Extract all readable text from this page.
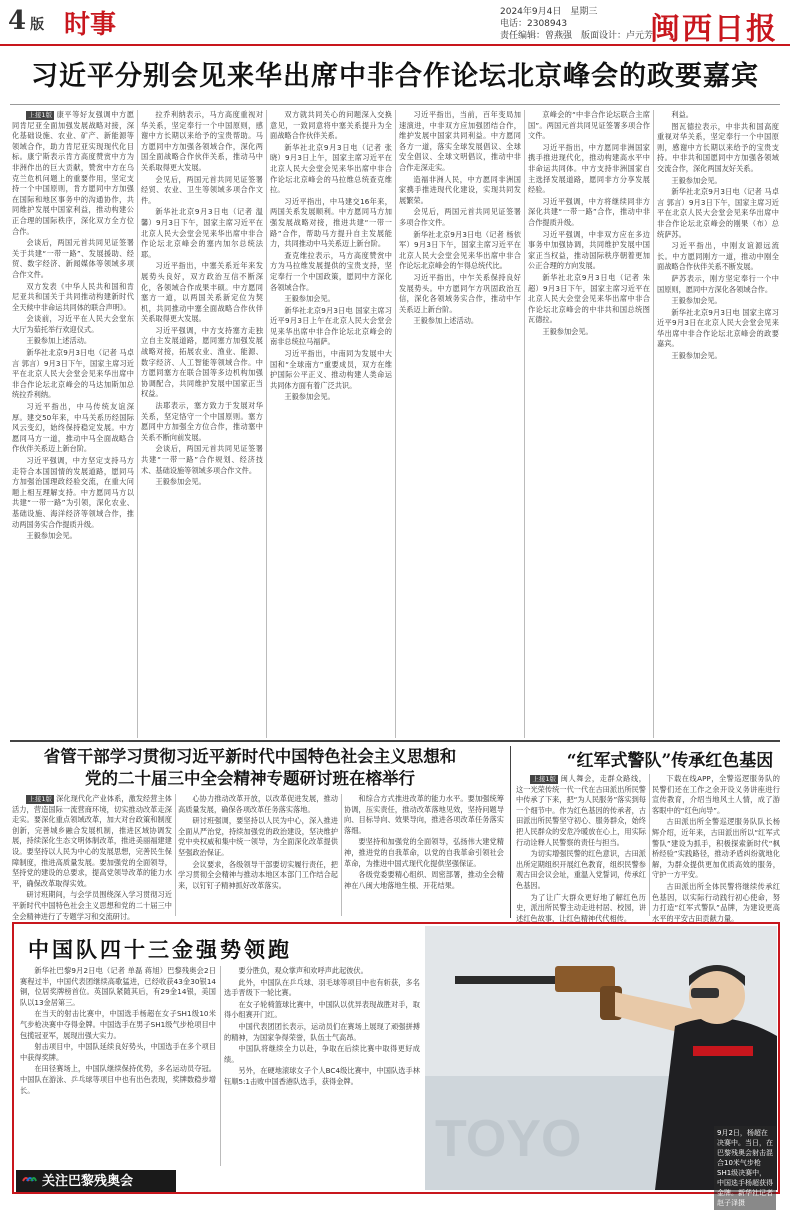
4 版 时事	2024年9月4日　星期三
电话：2308943
责任编辑：曾燕强　版面设计：卢元芳
闽西日报
习近平分别会见来华出席中非合作论坛北京峰会的政要嘉宾

上接1版 康平等好友强调中方愿同肯尼亚全面加强发展战略对接，深化基础设施、农业、矿产、新能源等领域合作，助力肯尼亚实现现代化目标。康宁斯表示肯方高度赞赏中方为非洲作出的巨大贡献，赞赏中方在乌克兰危机问题上的重要作用，坚定支持一个中国原则，肯方愿同中方加强在国际和地区事务中的沟通协作，共同维护发展中国家利益，推动构建公正合理的国际秩序，深化双方全方位合作。

会谈后，两国元首共同见证签署关于共建“一带一路”、发展援助、经贸、数字经济、新闻媒体等领域多项合作文件。

双方发表《中华人民共和国和肯尼亚共和国关于共同推动构建新时代全天候中非命运共同体的联合声明》。

会谈前，习近平在人民大会堂东大厅为茹托举行欢迎仪式。

王毅参加上述活动。

新华社北京9月3日电（记者 马卓言 郭言）9月3日下午，国家主席习近平在北京人民大会堂会见来华出席中非合作论坛北京峰会的马达加斯加总统拉乔利纳。

习近平指出，中马传统友谊深厚。建交50年来，中马关系历经国际风云变幻，始终保持稳定发展。中方愿同马方一道，推动中马全面战略合作伙伴关系迈上新台阶。

习近平强调，中方坚定支持马方走符合本国国情的发展道路，愿同马方加强治国理政经验交流，在重大问题上相互理解支持。中方愿同马方以共建“一带一路”为引领，深化农业、基础设施、海洋经济等领域合作，推动两国务实合作提质升级。

王毅参加会见。

拉乔利纳表示，马方高度重视对华关系，坚定奉行一个中国原则，感谢中方长期以来给予的宝贵帮助。马方愿同中方加强各领域合作，深化两国全面战略合作伙伴关系，推动马中关系取得更大发展。

会见后，两国元首共同见证签署经贸、农业、卫生等领域多项合作文件。

新华社北京9月3日电（记者 温馨）9月3日下午，国家主席习近平在北京人民大会堂会见来华出席中非合作论坛北京峰会的塞内加尔总统法耶。

习近平指出，中塞关系近年来发展势头良好，双方政治互信不断深化，各领域合作成果丰硕。中方愿同塞方一道，以两国关系新定位为契机，共同推动中塞全面战略合作伙伴关系取得更大发展。

习近平强调，中方支持塞方走独立自主发展道路，愿同塞方加强发展战略对接，拓展农业、渔业、能源、数字经济、人工智能等领域合作。中方愿同塞方在联合国等多边机构加强协调配合，共同维护发展中国家正当权益。

法耶表示，塞方致力于发展对华关系，坚定恪守一个中国原则。塞方愿同中方加强全方位合作，推动塞中关系不断向前发展。

会谈后，两国元首共同见证签署共建“一带一路”合作规划、经济技术、基础设施等领域多项合作文件。

王毅参加会见。

双方就共同关心的问题深入交换意见，一致同意将中塞关系提升为全面战略合作伙伴关系。

新华社北京9月3日电（记者 张晓）9月3日上午，国家主席习近平在北京人民大会堂会见来华出席中非合作论坛北京峰会的马拉维总统查克维拉。

习近平指出，中马建交16年来，两国关系发展顺利。中方愿同马方加强发展战略对接，推进共建“一带一路”合作，帮助马方提升自主发展能力，共同推动中马关系迈上新台阶。

查克维拉表示，马方高度赞赏中方为马拉维发展提供的宝贵支持，坚定奉行一个中国政策，愿同中方深化各领域合作。

王毅参加会见。

新华社北京9月3日电 国家主席习近平9月3日上午在北京人民大会堂会见来华出席中非合作论坛北京峰会的南非总统拉马福萨。

习近平指出，中南同为发展中大国和“全球南方”重要成员，双方在维护国际公平正义、推动构建人类命运共同体方面有着广泛共识。

王毅参加会见。

习近平指出，当前，百年变局加速演进，中非双方应加强团结合作，维护发展中国家共同利益。中方愿同各方一道，落实全球发展倡议、全球安全倡议、全球文明倡议，推动中非合作走深走实。

造福非洲人民，中方愿同非洲国家携手推进现代化建设，实现共同发展繁荣。

会见后，两国元首共同见证签署多项合作文件。

新华社北京9月3日电（记者 杨依军）9月3日下午，国家主席习近平在北京人民大会堂会见来华出席中非合作论坛北京峰会的乍得总统代比。

习近平指出，中乍关系保持良好发展势头。中方愿同乍方巩固政治互信，深化各领域务实合作，推动中乍关系迈上新台阶。

王毅参加上述活动。

京峰会的“中非合作论坛联合主席国”。两国元首共同见证签署多项合作文件。

习近平指出，中方愿同非洲国家携手推进现代化，推动构建高水平中非命运共同体。中方支持非洲国家自主选择发展道路，愿同非方分享发展经验。

习近平强调，中方将继续同非方深化共建“一带一路”合作，推动中非合作提质升级。

习近平强调，中非双方应在多边事务中加强协调，共同维护发展中国家正当权益，推动国际秩序朝着更加公正合理的方向发展。

新华社北京9月3日电（记者 朱超）9月3日下午，国家主席习近平在北京人民大会堂会见来华出席中非合作论坛北京峰会的中非共和国总统图瓦德拉。

王毅参加会见。

利益。

图瓦德拉表示，中非共和国高度重视对华关系，坚定奉行一个中国原则，感谢中方长期以来给予的宝贵支持。中非共和国愿同中方加强各领域交流合作，深化两国友好关系。

王毅参加会见。

新华社北京9月3日电（记者 马卓言 郭言）9月3日下午，国家主席习近平在北京人民大会堂会见来华出席中非合作论坛北京峰会的刚果（布）总统萨苏。

习近平指出，中刚友谊源远流长。中方愿同刚方一道，推动中刚全面战略合作伙伴关系不断发展。

萨苏表示，刚方坚定奉行一个中国原则，愿同中方深化各领域合作。

王毅参加会见。

新华社北京9月3日电 国家主席习近平9月3日在北京人民大会堂会见来华出席中非合作论坛北京峰会的政要嘉宾。

王毅参加会见。

省管干部学习贯彻习近平新时代中国特色社会主义思想和
党的二十届三中全会精神专题研讨班在榕举行

上接1版 深化现代化产业体系，激发经营主体活力，营造国际一流营商环境，切实推动改革走深走实。要深化重点领域改革，加大对台政策和制度创新，完善城乡融合发展机制，推进区域协调发展，持续深化生态文明体制改革，推进美丽福建建设。要坚持以人民为中心的发展思想，完善民生保障制度，推进高质量发展。要加强党的全面领导，坚持党的建设的总要求，提高党领导改革的能力水平，确保改革取得实效。

研讨班期间，与会学员围绕深入学习贯彻习近平新时代中国特色社会主义思想和党的二十届三中全会精神进行了专题学习和交流研讨。

心协力推动改革开放，以改革促进发展，推动高质量发展，确保各项改革任务落实落地。

研讨班强调，要坚持以人民为中心，深入推进全面从严治党，持续加强党的政治建设，坚决维护党中央权威和集中统一领导，为全面深化改革提供坚强政治保证。

会议要求，各级领导干部要切实履行责任，把学习贯彻全会精神与推动本地区本部门工作结合起来，以钉钉子精神抓好改革落实。

和综合方式推进改革的能力水平。要加强统筹协调，压实责任，推动改革落地见效，坚持问题导向、目标导向、效果导向，推进各项改革任务落实落细。

要坚持和加强党的全面领导，弘扬伟大建党精神，推进党的自我革命，以党的自我革命引领社会革命，为推进中国式现代化提供坚强保证。

各级党委要精心组织、周密部署，推动全会精神在八闽大地落地生根、开花结果。

“红军式警队”传承红色基因

上接1版 闽人舞会，走群众路线，这一光荣传统一代一代在古田派出所民警中传承了下来，把“为人民服务”落实到每一个细节中。作为红色基因的传承者，古田派出所民警坚守初心、服务群众，始终把人民群众的安危冷暖放在心上，用实际行动诠释人民警察的责任与担当。

为切实增强民警的红色意识，古田派出所定期组织开展红色教育，组织民警参观古田会议会址，重温入党誓词，传承红色基因。

为了让广大群众更好地了解红色历史，派出所民警主动走进村居、校园，讲述红色故事，让红色精神代代相传。

下载在线APP，全警巡逻服务队的民警们还在工作之余开设义务讲座进行宣传教育，介绍当地风土人情，成了游客眼中的“红色向导”。

古田派出所全警巡逻服务队队长杨辉介绍，近年来，古田派出所以“红军式警队”建设为抓手，积极探索新时代“枫桥经验”实践路径，推动矛盾纠纷就地化解，为群众提供更加优质高效的服务，守护一方平安。

古田派出所全体民警将继续传承红色基因，以实际行动践行初心使命，努力打造“红军式警队”品牌，为建设更高水平的平安古田贡献力量。

中国队四十三金强势领跑

新华社巴黎9月2日电（记者 单磊 蒋旭）巴黎残奥会2日赛程过半，中国代表团继续高歌猛进，已经收获43金30银14铜，位居奖牌榜首位。英国队紧随其后，有29金14银，美国队以13金居第三。

在当天的射击比赛中，中国选手杨超在女子SH1级10米气步枪决赛中夺得金牌。中国选手在男子SH1级气步枪项目中包揽冠亚军，展现出强大实力。

射击项目中，中国队延续良好势头，中国选手在多个项目中获得奖牌。

在田径赛场上，中国队继续保持优势，多名运动员夺冠。中国队在游泳、乒乓球等项目中也有出色表现，奖牌数稳步增长。

要分胜负，观众掌声和欢呼声此起彼伏。

此外，中国队在乒乓球、羽毛球等项目中也有斩获，多名选手晋级下一轮比赛。

在女子轮椅篮球比赛中，中国队以优异表现战胜对手，取得小组赛开门红。

中国代表团团长表示，运动员们在赛场上展现了顽强拼搏的精神，为国家争得荣誉，队伍士气高昂。

中国队将继续全力以赴，争取在后续比赛中取得更好成绩。

另外，在硬地滚球女子个人BC4级比赛中，中国队选手林钰顺5:1击败中国香港队选手，获得金牌。

TOYO	9月2日，杨超在决赛中。当日，在巴黎残奥会射击混合10米气步枪SH1级决赛中，中国选手杨超获得金牌。新华社记者赵子泽摄
关注巴黎残奥会
